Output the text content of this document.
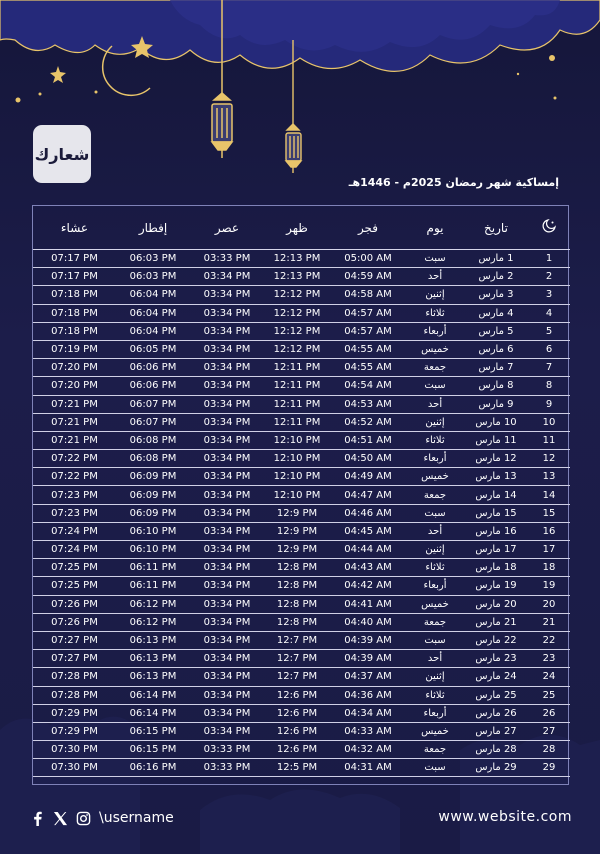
شعارك
إمساكية شهر رمضان 2025م - 1446هـ
	تاريخ	يوم	فجر	ظهر	عصر	إفطار	عشاء
1	1 مارس	سبت	05:00 AM	12:13 PM	03:33 PM	06:03 PM	07:17 PM
2	2 مارس	أحد	04:59 AM	12:13 PM	03:34 PM	06:03 PM	07:17 PM
3	3 مارس	إثنين	04:58 AM	12:12 PM	03:34 PM	06:04 PM	07:18 PM
4	4 مارس	ثلاثاء	04:57 AM	12:12 PM	03:34 PM	06:04 PM	07:18 PM
5	5 مارس	أربعاء	04:57 AM	12:12 PM	03:34 PM	06:04 PM	07:18 PM
6	6 مارس	خميس	04:55 AM	12:12 PM	03:34 PM	06:05 PM	07:19 PM
7	7 مارس	جمعة	04:55 AM	12:11 PM	03:34 PM	06:06 PM	07:20 PM
8	8 مارس	سبت	04:54 AM	12:11 PM	03:34 PM	06:06 PM	07:20 PM
9	9 مارس	أحد	04:53 AM	12:11 PM	03:34 PM	06:07 PM	07:21 PM
10	10 مارس	إثنين	04:52 AM	12:11 PM	03:34 PM	06:07 PM	07:21 PM
11	11 مارس	ثلاثاء	04:51 AM	12:10 PM	03:34 PM	06:08 PM	07:21 PM
12	12 مارس	أربعاء	04:50 AM	12:10 PM	03:34 PM	06:08 PM	07:22 PM
13	13 مارس	خميس	04:49 AM	12:10 PM	03:34 PM	06:09 PM	07:22 PM
14	14 مارس	جمعة	04:47 AM	12:10 PM	03:34 PM	06:09 PM	07:23 PM
15	15 مارس	سبت	04:46 AM	12:9 PM	03:34 PM	06:09 PM	07:23 PM
16	16 مارس	أحد	04:45 AM	12:9 PM	03:34 PM	06:10 PM	07:24 PM
17	17 مارس	إثنين	04:44 AM	12:9 PM	03:34 PM	06:10 PM	07:24 PM
18	18 مارس	ثلاثاء	04:43 AM	12:8 PM	03:34 PM	06:11 PM	07:25 PM
19	19 مارس	أربعاء	04:42 AM	12:8 PM	03:34 PM	06:11 PM	07:25 PM
20	20 مارس	خميس	04:41 AM	12:8 PM	03:34 PM	06:12 PM	07:26 PM
21	21 مارس	جمعة	04:40 AM	12:8 PM	03:34 PM	06:12 PM	07:26 PM
22	22 مارس	سبت	04:39 AM	12:7 PM	03:34 PM	06:13 PM	07:27 PM
23	23 مارس	أحد	04:39 AM	12:7 PM	03:34 PM	06:13 PM	07:27 PM
24	24 مارس	إثنين	04:37 AM	12:7 PM	03:34 PM	06:13 PM	07:28 PM
25	25 مارس	ثلاثاء	04:36 AM	12:6 PM	03:34 PM	06:14 PM	07:28 PM
26	26 مارس	أربعاء	04:34 AM	12:6 PM	03:34 PM	06:14 PM	07:29 PM
27	27 مارس	خميس	04:33 AM	12:6 PM	03:34 PM	06:15 PM	07:29 PM
28	28 مارس	جمعة	04:32 AM	12:6 PM	03:33 PM	06:15 PM	07:30 PM
29	29 مارس	سبت	04:31 AM	12:5 PM	03:33 PM	06:16 PM	07:30 PM
\username	www.website.com
